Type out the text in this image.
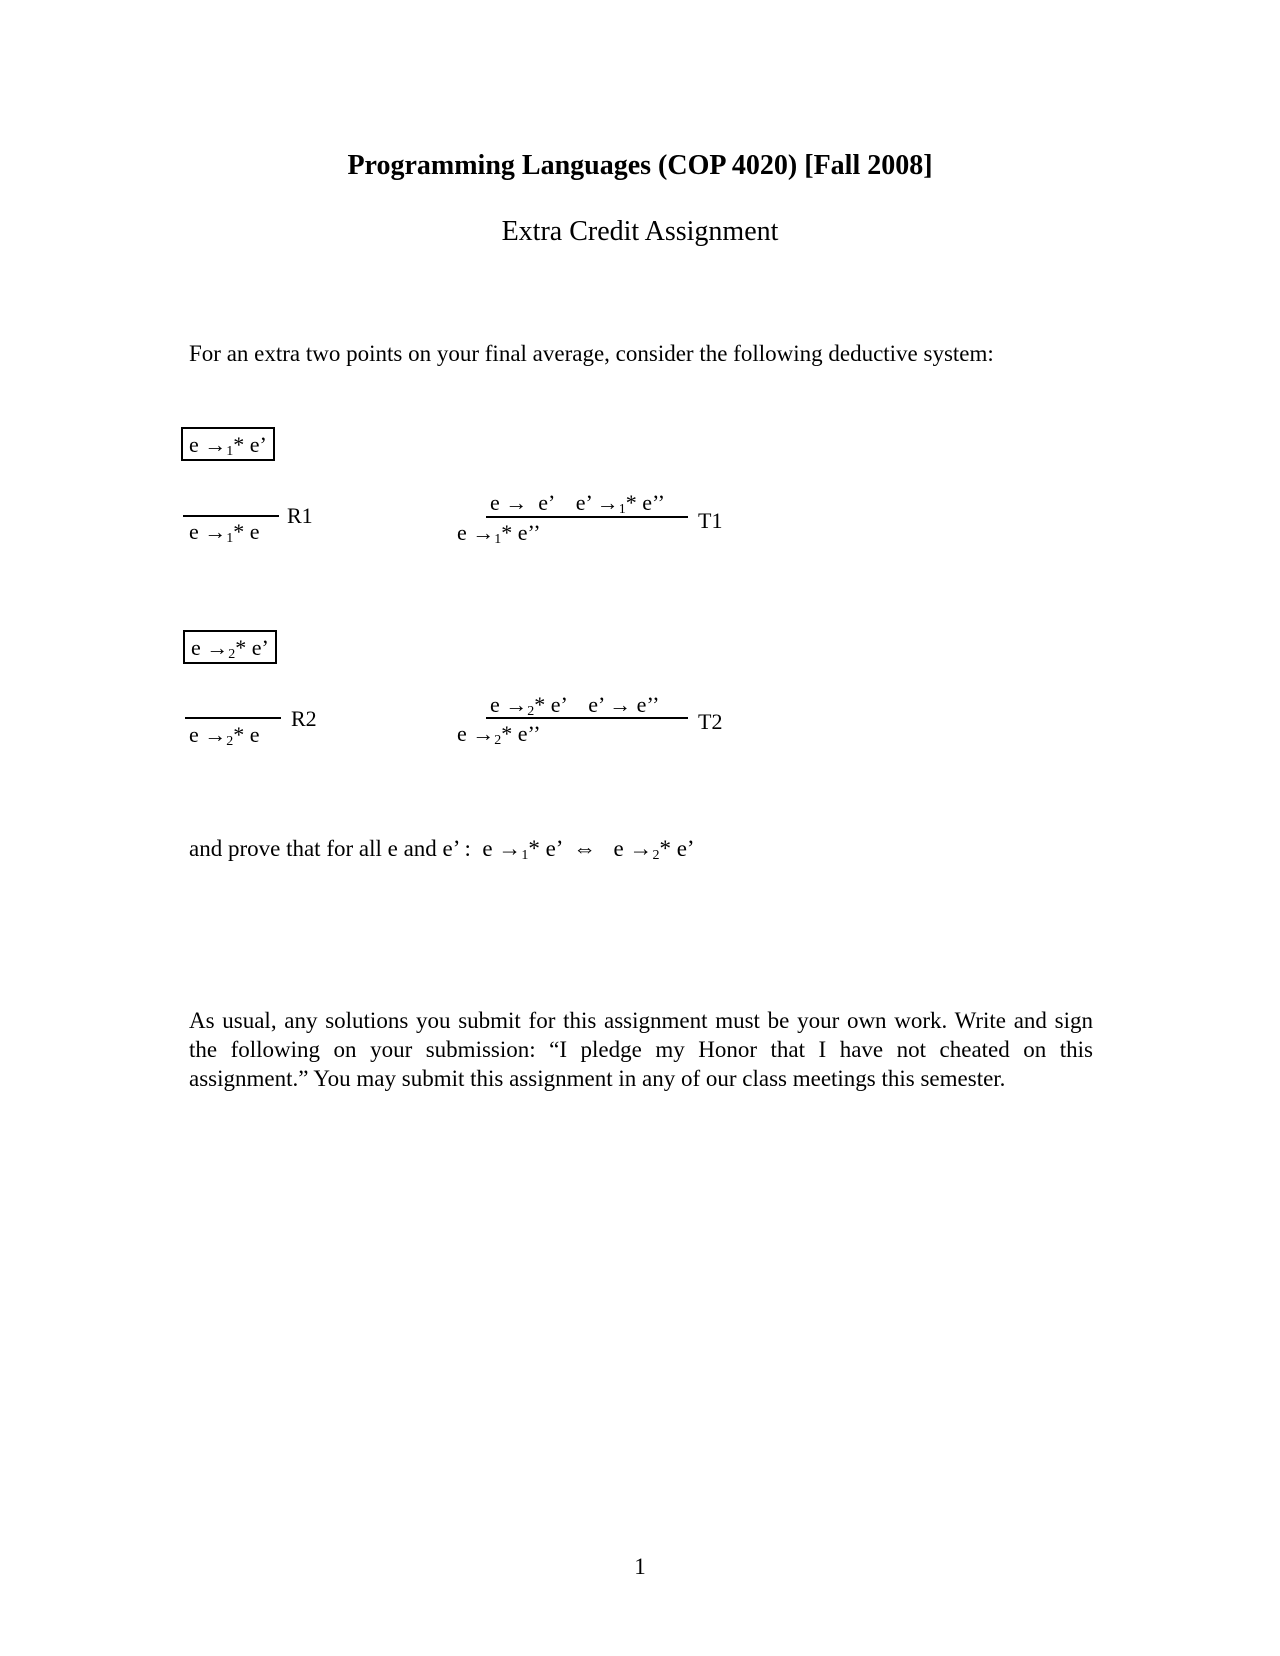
Programming Languages (COP 4020) [Fall 2008]
Extra Credit Assignment
For an extra two points on your final average, consider the following deductive system:
$e \to_1*$ e’
$e \to_1*$ e
R1
e →  e’    e’ $\to_1*$ e’’
$e \to_1*$ e’’	T1
$e \to_2*$ e’
$e \to_2*$ e
R2
$e \to_2*$ e’    e’ → e’’
$e \to_2*$ e’’	T2
and prove that for all e and e’ :  $e \to_1*$ e’  ⇔   $e \to_2*$ e’
As usual, any solutions you submit for this assignment must be your own work. Write and sign the following on your submission: “I pledge my Honor that I have not cheated on this assignment.” You may submit this assignment in any of our class meetings this semester.
1
